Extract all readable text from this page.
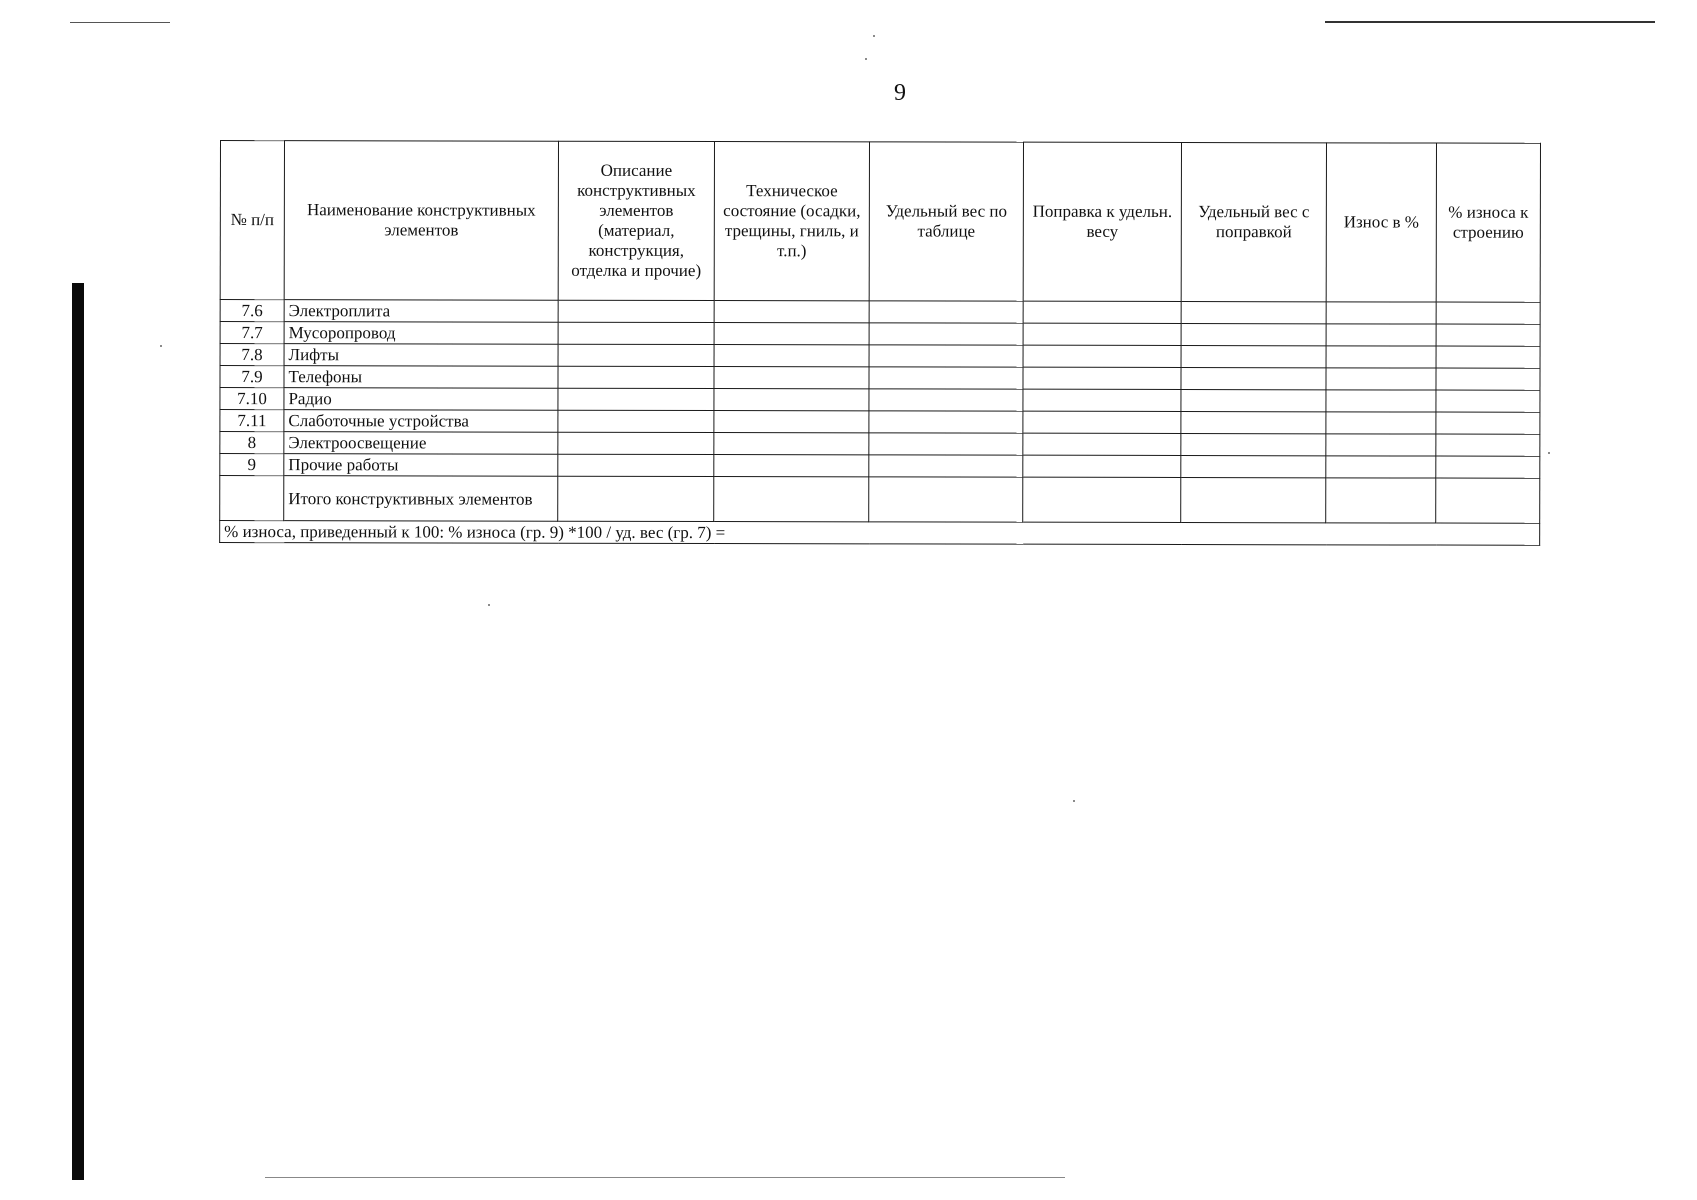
9
№ п/п	Наименование конструктивных элементов	Описание конструктивных элементов (материал, конструкция, отделка и прочие)	Техническое состояние (осадки, трещины, гниль, и т.п.)	Удельный вес по таблице	Поправка к удельн. весу	Удельный вес с поправкой	Износ в %	% износа к строению
7.6	Электроплита							
7.7	Мусоропровод							
7.8	Лифты							
7.9	Телефоны							
7.10	Радио							
7.11	Слаботочные устройства							
8	Электроосвещение							
9	Прочие работы							
	Итого конструктивных элементов							
% износа, приведенный к 100: % износа (гр. 9) *100 / уд. вес (гр. 7) =								
